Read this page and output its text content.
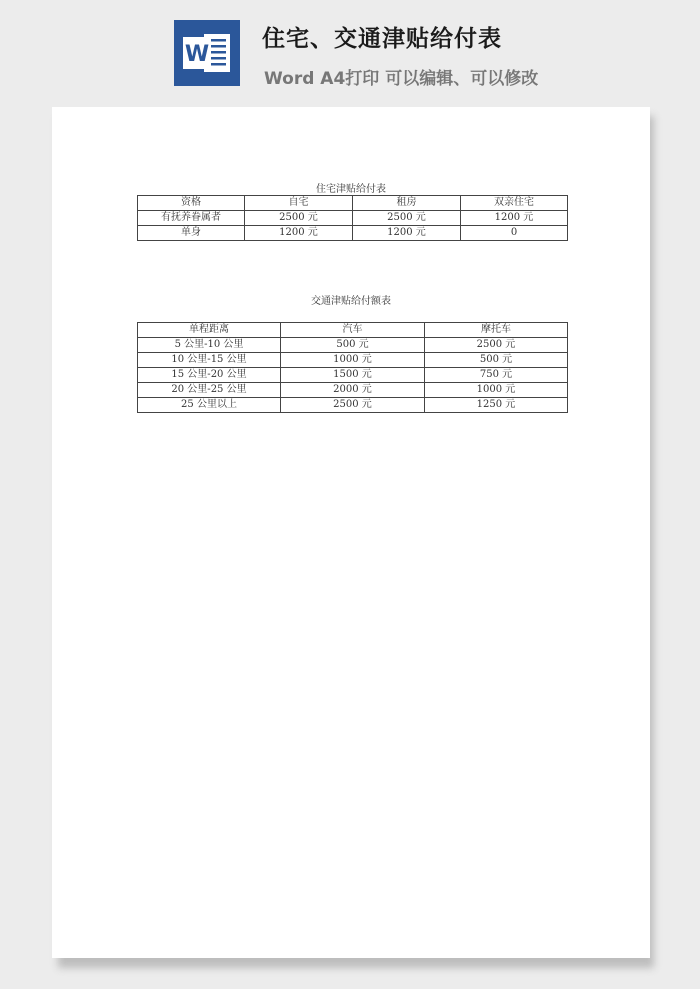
W
住宅、交通津贴给付表
Word A4打印 可以编辑、可以修改
住宅津贴给付表
资格	自宅	租房	双亲住宅
有抚养眷属者	2500 元	2500 元	1200 元
单身	1200 元	1200 元	0
交通津贴给付额表
单程距离	汽车	摩托车
5 公里-10 公里	500 元	2500 元
10 公里-15 公里	1000 元	500 元
15 公里-20 公里	1500 元	750 元
20 公里-25 公里	2000 元	1000 元
25 公里以上	2500 元	1250 元
